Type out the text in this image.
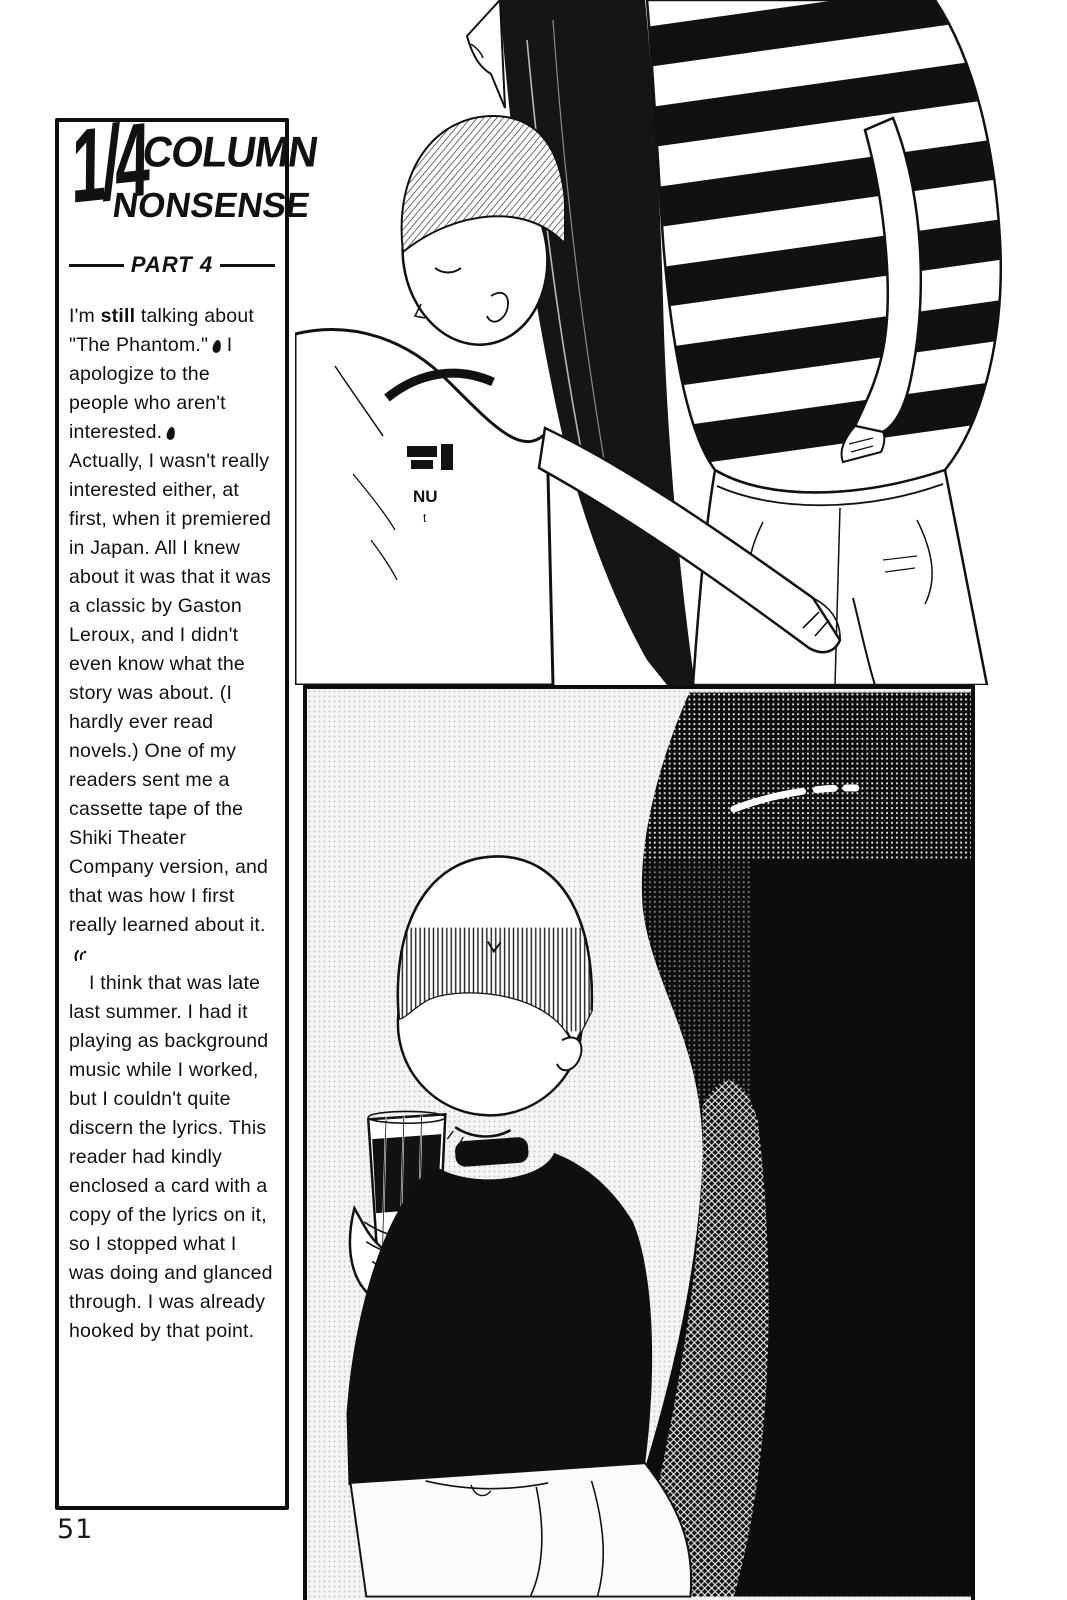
NU
t
1/4
COLUMN
NONSENSE
PART 4

I'm still talking about "The Phantom." I apologize to the people who aren't interested.
Actually, I wasn't really interested either, at first, when it premiered in Japan. All I knew about it was that it was a classic by Gaston Leroux, and I didn't even know what the story was about. (I hardly ever read novels.) One of my readers sent me a cassette tape of the Shiki Theater Company version, and that was how I first really learned about it.

I think that was late last summer. I had it playing as background music while I worked, but I couldn't quite discern the lyrics. This reader had kindly enclosed a card with a copy of the lyrics on it, so I stopped what I was doing and glanced through. I was already hooked by that point.

51
